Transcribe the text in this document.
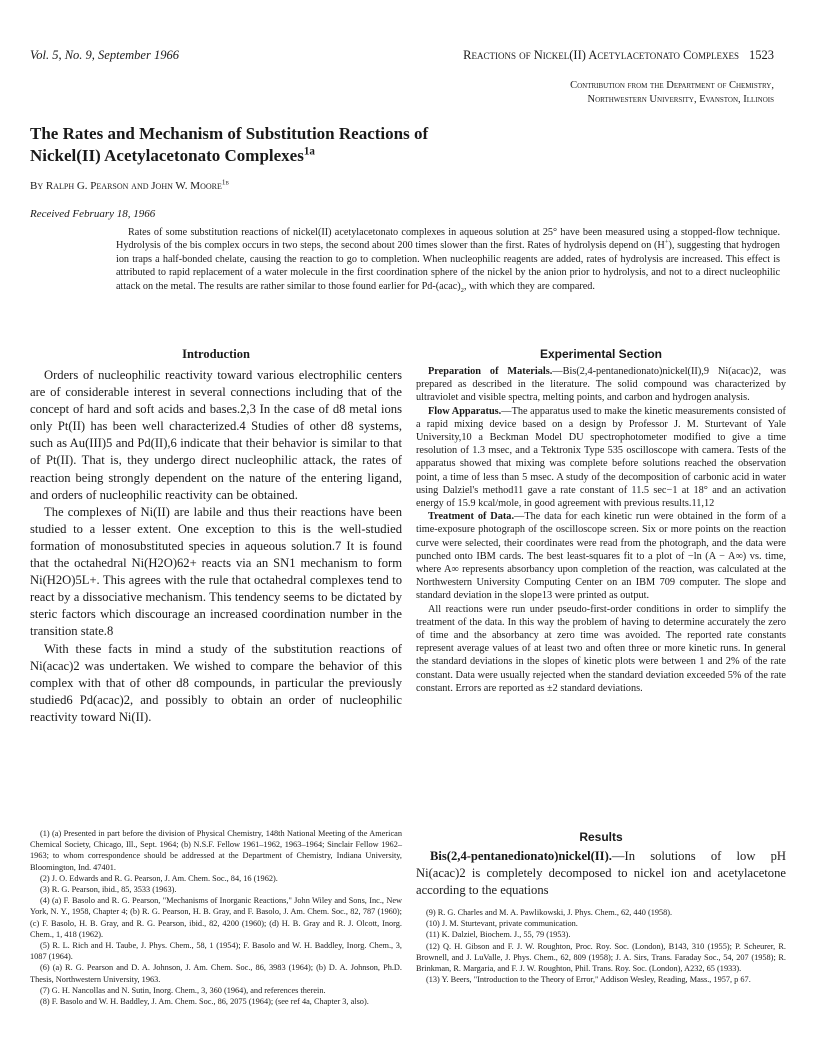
Vol. 5, No. 9, September 1966	Reactions of Nickel(II) Acetylacetonato Complexes 1523
Contribution from the Department of Chemistry,
Northwestern University, Evanston, Illinois
The Rates and Mechanism of Substitution Reactions of
Nickel(II) Acetylacetonato Complexes$^{1a}$
By Ralph G. Pearson and John W. Moore$^{1b}$
Received February 18, 1966
Rates of some substitution reactions of nickel(II) acetylacetonato complexes in aqueous solution at 25° have been measured using a stopped-flow technique. Hydrolysis of the bis complex occurs in two steps, the second about 200 times slower than the first. Rates of hydrolysis depend on (H+), suggesting that hydrogen ion traps a half-bonded chelate, causing the reaction to go to completion. When nucleophilic reagents are added, rates of hydrolysis are increased. This effect is attributed to rapid replacement of a water molecule in the first coordination sphere of the nickel by the anion prior to hydrolysis, and not to a direct nucleophilic attack on the metal. The results are rather similar to those found earlier for $Pd-(acac)_2$, with which they are compared.
Introduction

Orders of nucleophilic reactivity toward various electrophilic centers are of considerable interest in several connections including that of the concept of hard and soft acids and bases.2,3 In the case of d8 metal ions only Pt(II) has been well characterized.4 Studies of other d8 systems, such as Au(III)5 and Pd(II),6 indicate that their behavior is similar to that of Pt(II). That is, they undergo direct nucleophilic attack, the rates of reaction being strongly dependent on the nature of the entering ligand, and orders of nucleophilic reactivity can be obtained.

The complexes of Ni(II) are labile and thus their reactions have been studied to a lesser extent. One exception to this is the well-studied formation of monosubstituted species in aqueous solution.7 It is found that the octahedral Ni(H2O)62+ reacts via an SN1 mechanism to form Ni(H2O)5L+. This agrees with the rule that octahedral complexes tend to react by a dissociative mechanism. This tendency seems to be dictated by steric factors which discourage an increased coordination number in the transition state.8

With these facts in mind a study of the substitution reactions of Ni(acac)2 was undertaken. We wished to compare the behavior of this complex with that of other d8 compounds, in particular the previously studied6 Pd(acac)2, and possibly to obtain an order of nucleophilic reactivity toward Ni(II).

(1) (a) Presented in part before the division of Physical Chemistry, 148th National Meeting of the American Chemical Society, Chicago, Ill., Sept. 1964; (b) N.S.F. Fellow 1961–1962, 1963–1964; Sinclair Fellow 1962–1963; to whom correspondence should be addressed at the Department of Chemistry, Indiana University, Bloomington, Ind. 47401.

(2) J. O. Edwards and R. G. Pearson, J. Am. Chem. Soc., 84, 16 (1962).

(3) R. G. Pearson, ibid., 85, 3533 (1963).

(4) (a) F. Basolo and R. G. Pearson, "Mechanisms of Inorganic Reactions," John Wiley and Sons, Inc., New York, N. Y., 1958, Chapter 4; (b) R. G. Pearson, H. B. Gray, and F. Basolo, J. Am. Chem. Soc., 82, 787 (1960); (c) F. Basolo, H. B. Gray, and R. G. Pearson, ibid., 82, 4200 (1960); (d) H. B. Gray and R. J. Olcott, Inorg. Chem., 1, 418 (1962).

(5) R. L. Rich and H. Taube, J. Phys. Chem., 58, 1 (1954); F. Basolo and W. H. Baddley, Inorg. Chem., 3, 1087 (1964).

(6) (a) R. G. Pearson and D. A. Johnson, J. Am. Chem. Soc., 86, 3983 (1964); (b) D. A. Johnson, Ph.D. Thesis, Northwestern University, 1963.

(7) G. H. Nancollas and N. Sutin, Inorg. Chem., 3, 360 (1964), and references therein.

(8) F. Basolo and W. H. Baddley, J. Am. Chem. Soc., 86, 2075 (1964); (see ref 4a, Chapter 3, also).

Experimental Section

Preparation of Materials.—Bis(2,4-pentanedionato)nickel(II),9 Ni(acac)2, was prepared as described in the literature. The solid compound was characterized by ultraviolet and visible spectra, melting points, and carbon and hydrogen analysis.

Flow Apparatus.—The apparatus used to make the kinetic measurements consisted of a rapid mixing device based on a design by Professor J. M. Sturtevant of Yale University,10 a Beckman Model DU spectrophotometer modified to give a time resolution of 1.3 msec, and a Tektronix Type 535 oscilloscope with camera. Tests of the apparatus showed that mixing was complete before solutions reached the observation point, a time of less than 5 msec. A study of the decomposition of carbonic acid in water using Dalziel's method11 gave a rate constant of 11.5 sec−1 at 18° and an activation energy of 15.9 kcal/mole, in good agreement with previous results.11,12

Treatment of Data.—The data for each kinetic run were obtained in the form of a time-exposure photograph of the oscilloscope screen. Six or more points on the reaction curve were selected, their coordinates were read from the photograph, and the data were punched onto IBM cards. The best least-squares fit to a plot of −ln (A − A∞) vs. time, where A∞ represents absorbancy upon completion of the reaction, was calculated at the Northwestern University Computing Center on an IBM 709 computer. The slope and standard deviation in the slope13 were printed as output.

All reactions were run under pseudo-first-order conditions in order to simplify the treatment of the data. In this way the problem of having to determine accurately the zero of time and the absorbancy at zero time was avoided. The reported rate constants represent average values of at least two and often three or more kinetic runs. In general the standard deviations in the slopes of kinetic plots were between 1 and 2% of the rate constant. Data were usually rejected when the standard deviation exceeded 5% of the rate constant. Errors are reported as ±2 standard deviations.

Results

Bis(2,4-pentanedionato)nickel(II).—In solutions of low pH Ni(acac)2 is completely decomposed to nickel ion and acetylacetone according to the equations

(9) R. G. Charles and M. A. Pawlikowski, J. Phys. Chem., 62, 440 (1958).

(10) J. M. Sturtevant, private communication.

(11) K. Dalziel, Biochem. J., 55, 79 (1953).

(12) Q. H. Gibson and F. J. W. Roughton, Proc. Roy. Soc. (London), B143, 310 (1955); P. Scheurer, R. Brownell, and J. LuValle, J. Phys. Chem., 62, 809 (1958); J. A. Sirs, Trans. Faraday Soc., 54, 207 (1958); R. Brinkman, R. Margaria, and F. J. W. Roughton, Phil. Trans. Roy. Soc. (London), A232, 65 (1933).

(13) Y. Beers, "Introduction to the Theory of Error," Addison Wesley, Reading, Mass., 1957, p 67.
